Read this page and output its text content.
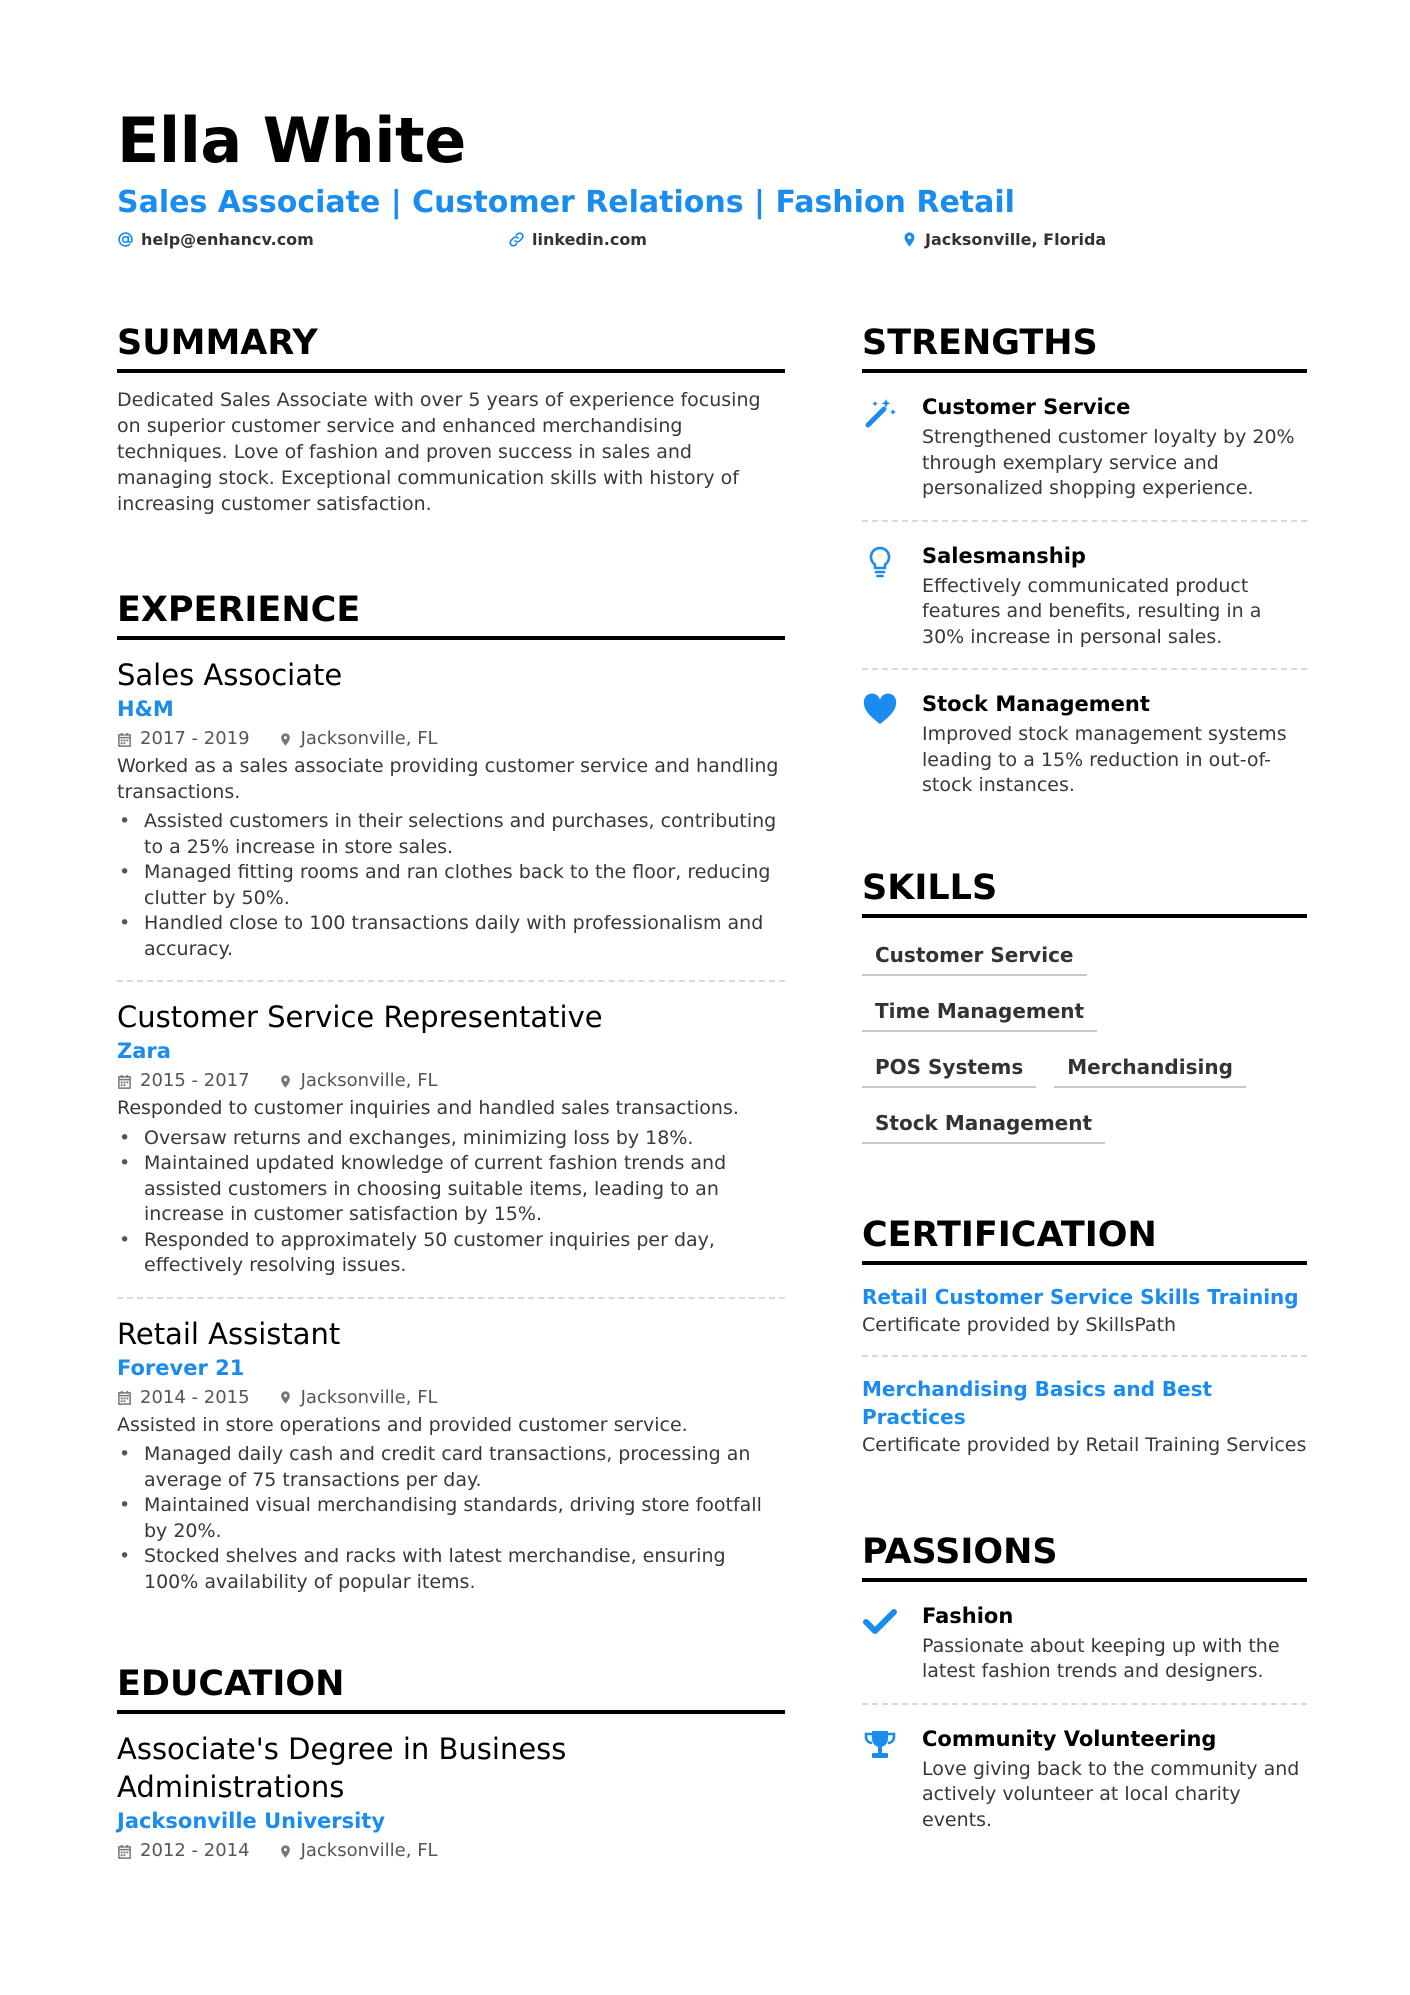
Ella White
Sales Associate | Customer Relations | Fashion Retail
help@enhancv.com	linkedin.com	Jacksonville, Florida
SUMMARY
Dedicated Sales Associate with over 5 years of experience focusing on superior customer service and enhanced merchandising techniques. Love of fashion and proven success in sales and managing stock. Exceptional communication skills with history of increasing customer satisfaction.
EXPERIENCE
Sales Associate
H&M
2017 - 2019	Jacksonville, FL
Worked as a sales associate providing customer service and handling transactions.
• Assisted customers in their selections and purchases, contributing to a 25% increase in store sales.
• Managed fitting rooms and ran clothes back to the floor, reducing clutter by 50%.
• Handled close to 100 transactions daily with professionalism and accuracy.
Customer Service Representative
Zara
2015 - 2017	Jacksonville, FL
Responded to customer inquiries and handled sales transactions.
• Oversaw returns and exchanges, minimizing loss by 18%.
• Maintained updated knowledge of current fashion trends and assisted customers in choosing suitable items, leading to an increase in customer satisfaction by 15%.
• Responded to approximately 50 customer inquiries per day, effectively resolving issues.
Retail Assistant
Forever 21
2014 - 2015	Jacksonville, FL
Assisted in store operations and provided customer service.
• Managed daily cash and credit card transactions, processing an average of 75 transactions per day.
• Maintained visual merchandising standards, driving store footfall by 20%.
• Stocked shelves and racks with latest merchandise, ensuring 100% availability of popular items.
EDUCATION
Associate's Degree in Business Administrations
Jacksonville University
2012 - 2014	Jacksonville, FL
STRENGTHS
Customer Service
Strengthened customer loyalty by 20% through exemplary service and personalized shopping experience.
Salesmanship
Effectively communicated product features and benefits, resulting in a 30% increase in personal sales.
Stock Management
Improved stock management systems leading to a 15% reduction in out-of-stock instances.
SKILLS
Customer Service
Time Management
POS Systems	Merchandising
Stock Management
CERTIFICATION
Retail Customer Service Skills Training
Certificate provided by SkillsPath
Merchandising Basics and Best Practices
Certificate provided by Retail Training Services
PASSIONS
Fashion
Passionate about keeping up with the latest fashion trends and designers.
Community Volunteering
Love giving back to the community and actively volunteer at local charity events.
